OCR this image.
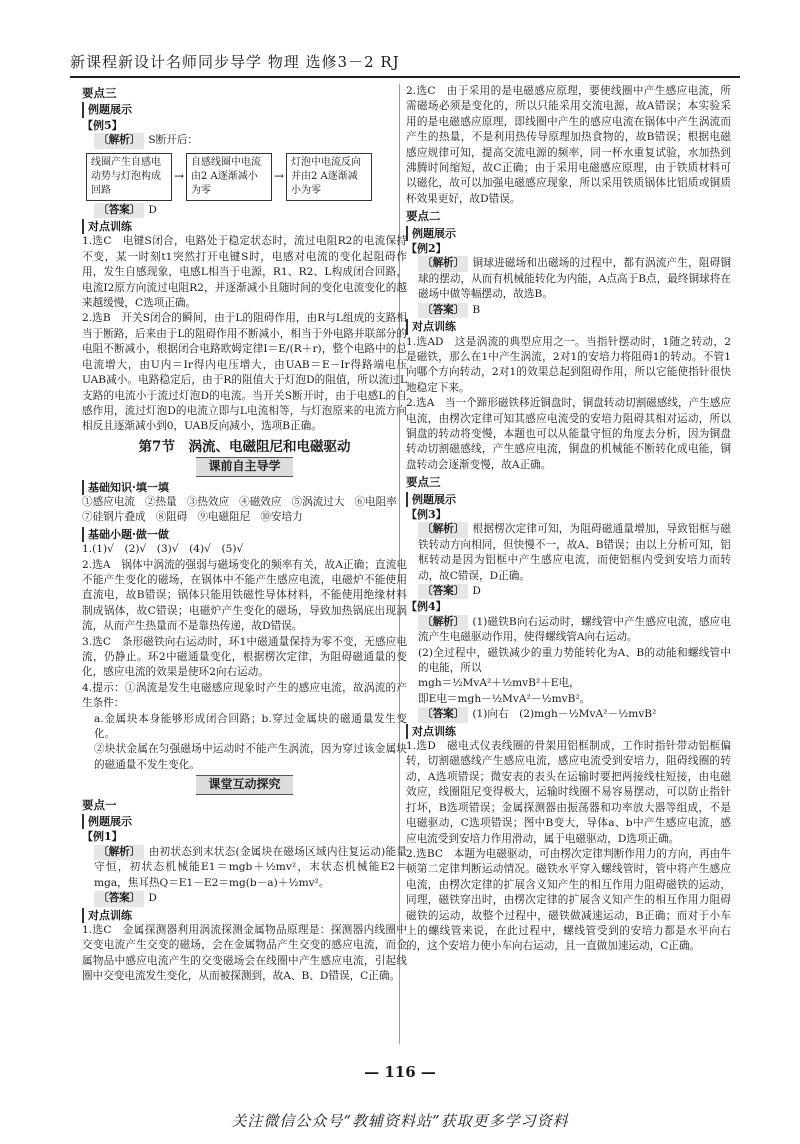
新课程新设计名师同步导学 物理 选修3－2 RJ
要点三
例题展示
【例5】

〔解析〕 S断开后：

线圈产生自感电动势与灯泡构成回路
→
自感线圈中电流由2 A逐渐减小为零
→
灯泡中电流反向并由2 A逐渐减小为零

〔答案〕 D

对点训练

1.选C　电键S闭合，电路处于稳定状态时，流过电阻R2的电流保持不变，某一时刻t1突然打开电键S时，电感对电流的变化起阻碍作用，发生自感现象，电感L相当于电源，R1、R2、L构成闭合回路，电流I2原方向流过电阻R2，并逐渐减小且随时间的变化电流变化的越来越缓慢，C选项正确。

2.选B　开关S闭合的瞬间，由于L的阻碍作用，由R与L组成的支路相当于断路，后来由于L的阻碍作用不断减小，相当于外电路并联部分的电阻不断减小，根据闭合电路欧姆定律I＝E/(R＋r)，整个电路中的总电流增大，由U内＝Ir得内电压增大，由UAB＝E－Ir得路端电压UAB减小。电路稳定后，由于R的阻值大于灯泡D的阻值，所以流过L支路的电流小于流过灯泡D的电流。当开关S断开时，由于电感L的自感作用，流过灯泡D的电流立即与L电流相等，与灯泡原来的电流方向相反且逐渐减小到0，UAB反向减小，选项B正确。

第7节　涡流、电磁阻尼和电磁驱动
课前自主导学
基础知识·填一填
①感应电流 ②热量 ③热效应 ④磁效应 ⑤涡流过大 ⑥电阻率
⑦硅钢片叠成 ⑧阻碍 ⑨电磁阻尼 ⑩安培力
基础小题·做一做

1.(1)√　(2)√　(3)√　(4)√　(5)√

2.选A　锅体中涡流的强弱与磁场变化的频率有关，故A正确；直流电不能产生变化的磁场，在锅体中不能产生感应电流，电磁炉不能使用直流电，故B错误；锅体只能用铁磁性导体材料，不能使用绝缘材料制成锅体，故C错误；电磁炉产生变化的磁场，导致加热锅底出现涡流，从而产生热量而不是靠热传递，故D错误。

3.选C　条形磁铁向右运动时，环1中磁通量保持为零不变，无感应电流，仍静止。环2中磁通量变化，根据楞次定律，为阻碍磁通量的变化，感应电流的效果是使环2向右运动。

4.提示：①涡流是发生电磁感应现象时产生的感应电流，故涡流的产生条件：

a.金属块本身能够形成闭合回路；b.穿过金属块的磁通量发生变化。

②块状金属在匀强磁场中运动时不能产生涡流，因为穿过该金属块的磁通量不发生变化。

课堂互动探究
要点一
例题展示
【例1】

〔解析〕 由初状态到末状态(金属块在磁场区域内往复运动)能量守恒，初状态机械能E1＝mgb＋½mv²，末状态机械能E2＝mga，焦耳热Q＝E1－E2＝mg(b－a)＋½mv²。

〔答案〕 D

对点训练

1.选C　金属探测器利用涡流探测金属物品原理是：探测器内线圈中交变电流产生交变的磁场，会在金属物品产生交变的感应电流，而金属物品中感应电流产生的交变磁场会在线圈中产生感应电流，引起线圈中交变电流发生变化，从而被探测到，故A、B、D错误，C正确。

2.选C　由于采用的是电磁感应原理，要使线圈中产生感应电流，所需磁场必须是变化的，所以只能采用交流电源，故A错误；本实验采用的是电磁感应原理，即线圈中产生的感应电流在锅体中产生涡流而产生的热量，不是利用热传导原理加热食物的，故B错误；根据电磁感应规律可知，提高交流电源的频率，同一杯水重复试验，水加热到沸腾时间缩短，故C正确；由于采用电磁感应原理，由于铁质材料可以磁化，故可以加强电磁感应现象，所以采用铁质锅体比铝质或铜质杯效果更好，故D错误。

要点二
例题展示
【例2】

〔解析〕 铜球进磁场和出磁场的过程中，都有涡流产生，阻碍铜球的摆动，从而有机械能转化为内能，A点高于B点，最终铜球将在磁场中做等幅摆动，故选B。

〔答案〕 B

对点训练

1.选AD　这是涡流的典型应用之一。当指针摆动时，1随之转动，2是磁铁，那么在1中产生涡流，2对1的安培力将阻碍1的转动。不管1向哪个方向转动，2对1的效果总起到阻碍作用，所以它能使指针很快地稳定下来。

2.选A　当一个蹄形磁铁移近铜盘时，铜盘转动切割磁感线，产生感应电流，由楞次定律可知其感应电流受的安培力阻碍其相对运动，所以铜盘的转动将变慢，本题也可以从能量守恒的角度去分析，因为铜盘转动切割磁感线，产生感应电流，铜盘的机械能不断转化成电能，铜盘转动会逐渐变慢，故A正确。

要点三
例题展示
【例3】

〔解析〕 根据楞次定律可知，为阻碍磁通量增加，导致铝框与磁铁转动方向相同，但快慢不一，故A、B错误；由以上分析可知，铝框转动是因为铝框中产生感应电流，而使铝框内受到安培力而转动，故C错误，D正确。

〔答案〕 D

【例4】

〔解析〕 (1)磁铁B向右运动时，螺线管中产生感应电流，感应电流产生电磁驱动作用，使得螺线管A向右运动。

(2)全过程中，磁铁减少的重力势能转化为A、B的动能和螺线管中的电能，所以

mgh＝½MvA²＋½mvB²＋E电，

即E电＝mgh－½MvA²－½mvB²。

〔答案〕 (1)向右　(2)mgh－½MvA²－½mvB²

对点训练

1.选D　磁电式仪表线圈的骨架用铝框制成，工作时指针带动铝框偏转，切割磁感线产生感应电流，感应电流受到安培力，阻碍线圈的转动，A选项错误；微安表的表头在运输时要把两接线柱短接，由电磁效应，线圈阻尼变得极大，运输时线圈不易容易摆动，可以防止指针打坏，B选项错误；金属探测器由振荡器和功率放大器等组成，不是电磁驱动，C选项错误；图中B变大，导体a、b中产生感应电流，感应电流受到安培力作用滑动，属于电磁驱动，D选项正确。

2.选BC　本题为电磁驱动，可由楞次定律判断作用力的方向，再由牛顿第二定律判断运动情况。磁铁水平穿入螺线管时，管中将产生感应电流，由楞次定律的扩展含义知产生的相互作用力阻碍磁铁的运动，同理，磁铁穿出时，由楞次定律的扩展含义知产生的相互作用力阻碍磁铁的运动，故整个过程中，磁铁做减速运动，B正确；而对于小车上的螺线管来说，在此过程中，螺线管受到的安培力都是水平向右的，这个安培力使小车向右运动，且一直做加速运动，C正确。

— 116 —
关注微信公众号“教辅资料站”获取更多学习资料
